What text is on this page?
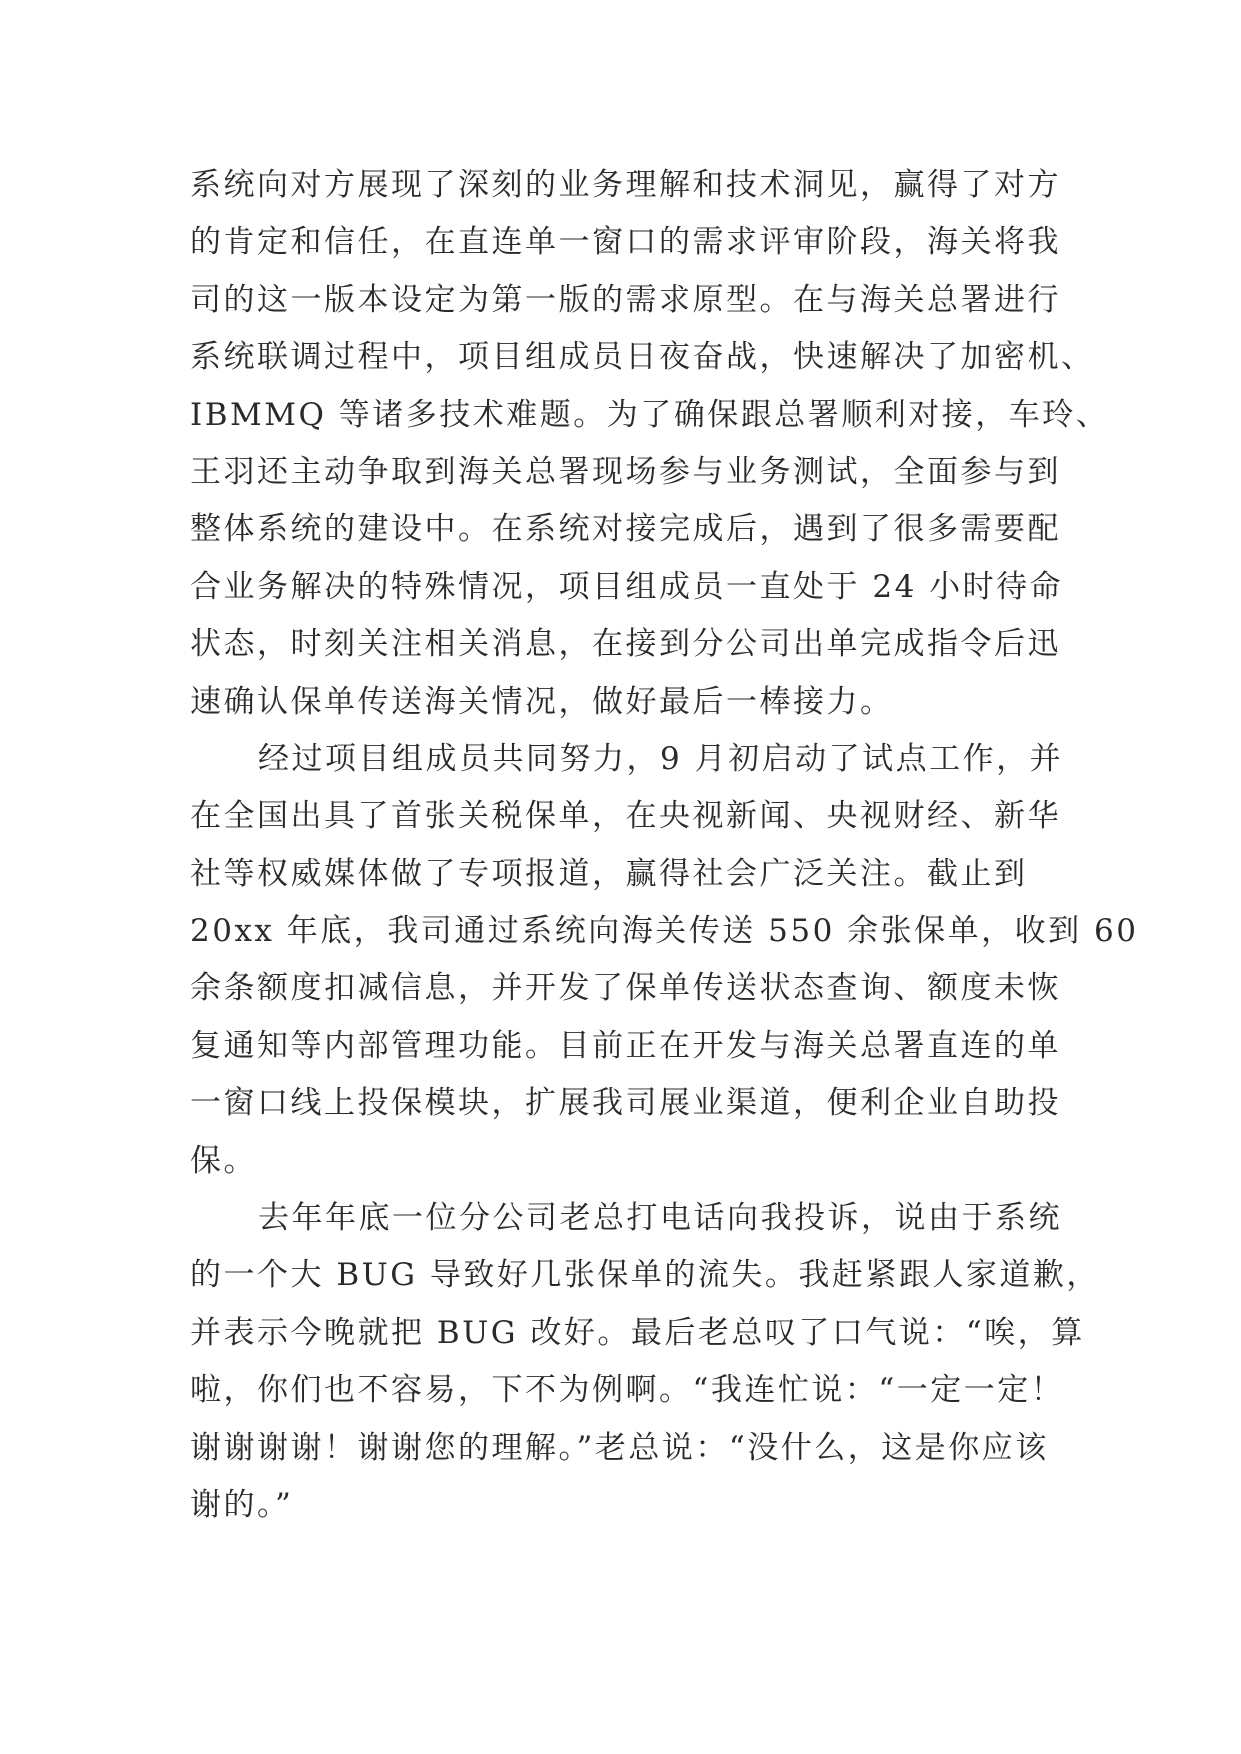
系统向对方展现了深刻的业务理解和技术洞见，赢得了对方
的肯定和信任，在直连单一窗口的需求评审阶段，海关将我
司的这一版本设定为第一版的需求原型。在与海关总署进行
系统联调过程中，项目组成员日夜奋战，快速解决了加密机、
IBMMQ 等诸多技术难题。为了确保跟总署顺利对接，车玲、
王羽还主动争取到海关总署现场参与业务测试，全面参与到
整体系统的建设中。在系统对接完成后，遇到了很多需要配
合业务解决的特殊情况，项目组成员一直处于 24 小时待命
状态，时刻关注相关消息，在接到分公司出单完成指令后迅
速确认保单传送海关情况，做好最后一棒接力。
经过项目组成员共同努力，9 月初启动了试点工作，并
在全国出具了首张关税保单，在央视新闻、央视财经、新华
社等权威媒体做了专项报道，赢得社会广泛关注。截止到
20xx 年底，我司通过系统向海关传送 550 余张保单，收到 60
余条额度扣减信息，并开发了保单传送状态查询、额度未恢
复通知等内部管理功能。目前正在开发与海关总署直连的单
一窗口线上投保模块，扩展我司展业渠道，便利企业自助投
保。
去年年底一位分公司老总打电话向我投诉，说由于系统
的一个大 BUG 导致好几张保单的流失。我赶紧跟人家道歉，
并表示今晚就把 BUG 改好。最后老总叹了口气说：“唉，算
啦，你们也不容易，下不为例啊。“我连忙说：“一定一定！
谢谢谢谢！谢谢您的理解。”老总说：“没什么，这是你应该
谢的。”
